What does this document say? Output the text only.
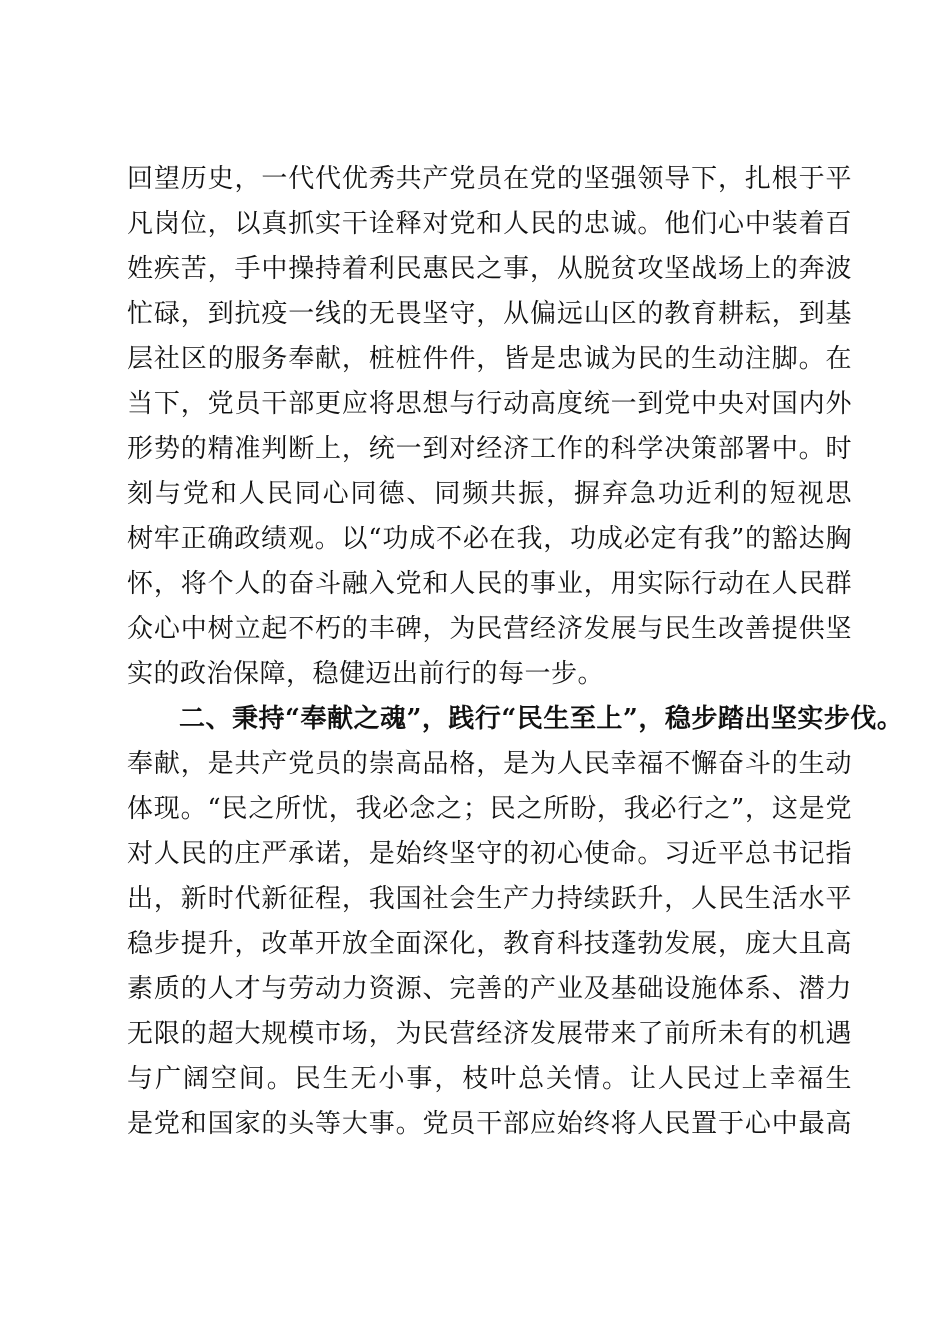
回望历史，一代代优秀共产党员在党的坚强领导下，扎根于平
凡岗位，以真抓实干诠释对党和人民的忠诚。他们心中装着百
姓疾苦，手中操持着利民惠民之事，从脱贫攻坚战场上的奔波
忙碌，到抗疫一线的无畏坚守，从偏远山区的教育耕耘，到基
层社区的服务奉献，桩桩件件，皆是忠诚为民的生动注脚。在
当下，党员干部更应将思想与行动高度统一到党中央对国内外
形势的精准判断上，统一到对经济工作的科学决策部署中。时
刻与党和人民同心同德、同频共振，摒弃急功近利的短视思
树牢正确政绩观。以“功成不必在我，功成必定有我”的豁达胸
怀，将个人的奋斗融入党和人民的事业，用实际行动在人民群
众心中树立起不朽的丰碑，为民营经济发展与民生改善提供坚
实的政治保障，稳健迈出前行的每一步。
二、秉持“奉献之魂”，践行“民生至上”，稳步踏出坚实步伐。
奉献，是共产党员的崇高品格，是为人民幸福不懈奋斗的生动
体现。“民之所忧，我必念之；民之所盼，我必行之”，这是党
对人民的庄严承诺，是始终坚守的初心使命。习近平总书记指
出，新时代新征程，我国社会生产力持续跃升，人民生活水平
稳步提升，改革开放全面深化，教育科技蓬勃发展，庞大且高
素质的人才与劳动力资源、完善的产业及基础设施体系、潜力
无限的超大规模市场，为民营经济发展带来了前所未有的机遇
与广阔空间。民生无小事，枝叶总关情。让人民过上幸福生
是党和国家的头等大事。党员干部应始终将人民置于心中最高
